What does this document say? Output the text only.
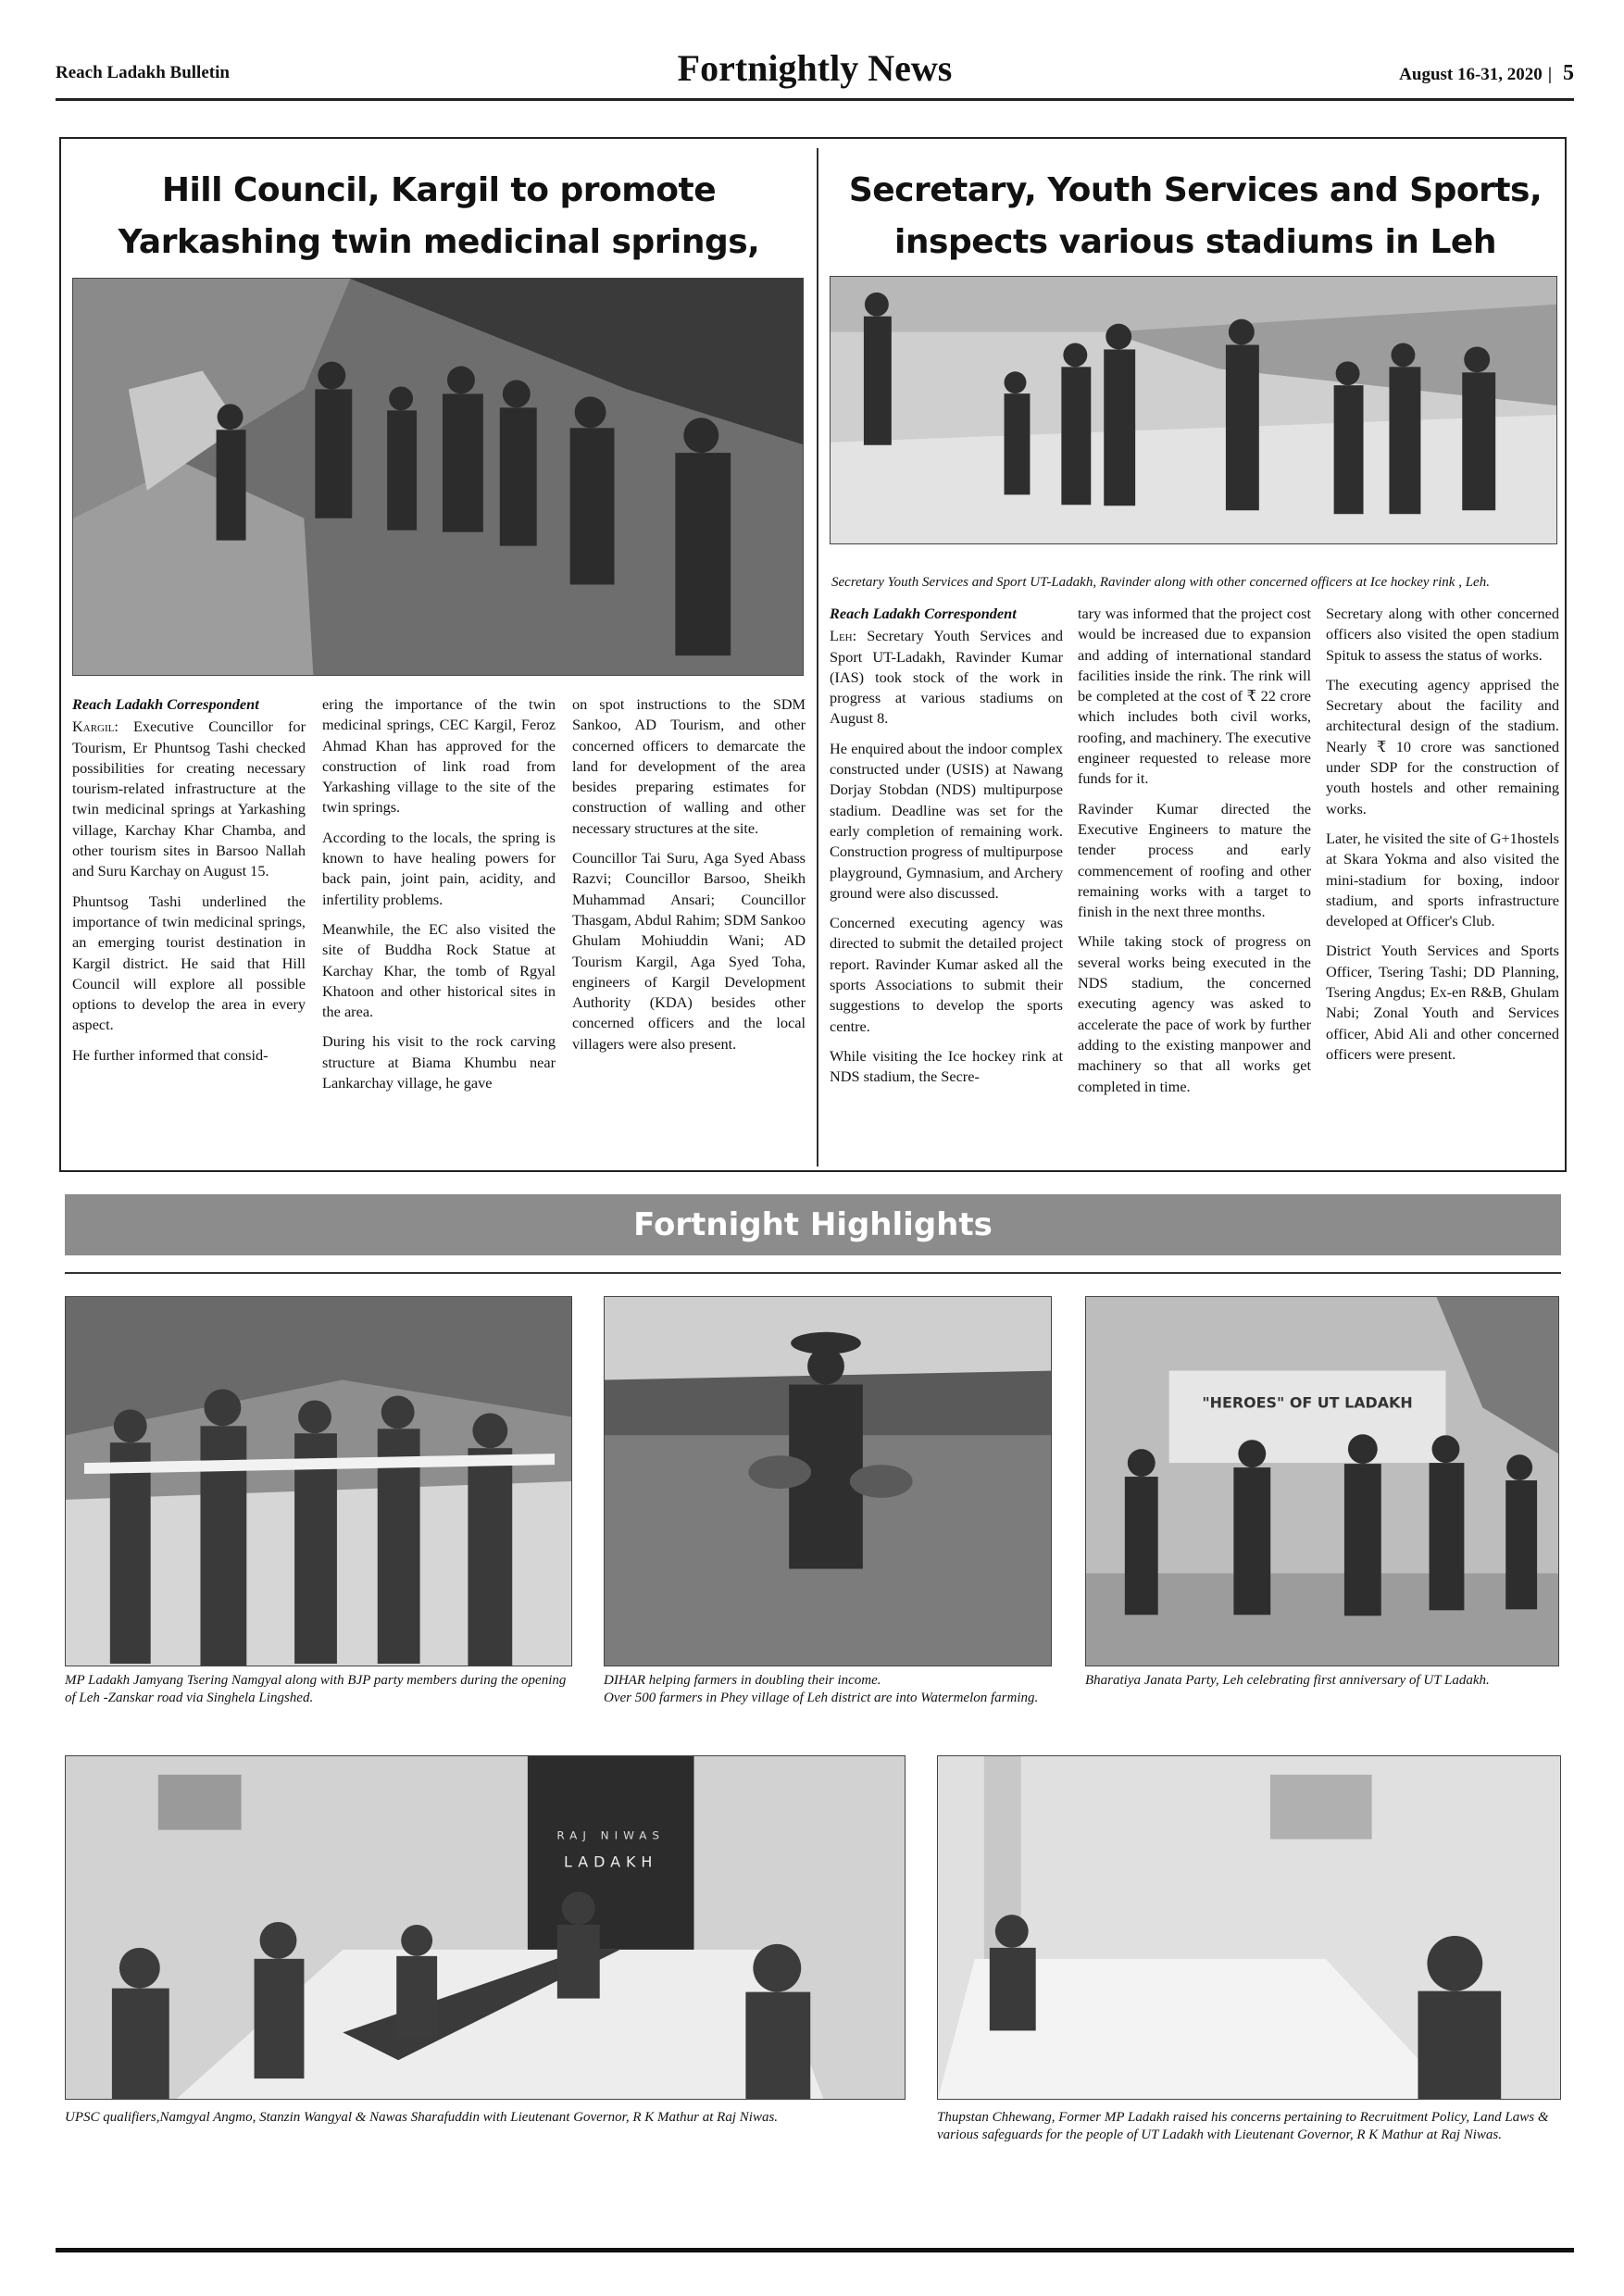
Reach Ladakh Bulletin	Fortnightly News	August 16-31, 2020 | 5
Hill Council, Kargil to promote Yarkashing twin medicinal springs,
Reach Ladakh Correspondent

Kargil: Executive Councillor for Tourism, Er Phuntsog Tashi checked possibilities for creating necessary tourism-related infrastructure at the twin medicinal springs at Yarkashing village, Karchay Khar Chamba, and other tourism sites in Barsoo Nallah and Suru Karchay on August 15.

Phuntsog Tashi underlined the importance of twin medicinal springs, an emerging tourist destination in Kargil district. He said that Hill Council will explore all possible options to develop the area in every aspect.

He further informed that consid-

ering the importance of the twin medicinal springs, CEC Kargil, Feroz Ahmad Khan has approved for the construction of link road from Yarkashing village to the site of the twin springs.

According to the locals, the spring is known to have healing powers for back pain, joint pain, acidity, and infertility problems.

Meanwhile, the EC also visited the site of Buddha Rock Statue at Karchay Khar, the tomb of Rgyal Khatoon and other historical sites in the area.

During his visit to the rock carving structure at Biama Khumbu near Lankarchay village, he gave

on spot instructions to the SDM Sankoo, AD Tourism, and other concerned officers to demarcate the land for development of the area besides preparing estimates for construction of walling and other necessary structures at the site.

Councillor Tai Suru, Aga Syed Abass Razvi; Councillor Barsoo, Sheikh Muhammad Ansari; Councillor Thasgam, Abdul Rahim; SDM Sankoo Ghulam Mohiuddin Wani; AD Tourism Kargil, Aga Syed Toha, engineers of Kargil Development Authority (KDA) besides other concerned officers and the local villagers were also present.

Secretary, Youth Services and Sports, inspects various stadiums in Leh
Secretary Youth Services and Sport UT-Ladakh, Ravinder along with other concerned officers at Ice hockey rink , Leh.
Reach Ladakh Correspondent

Leh: Secretary Youth Services and Sport UT-Ladakh, Ravinder Kumar (IAS) took stock of the work in progress at various stadiums on August 8.

He enquired about the indoor complex constructed under (USIS) at Nawang Dorjay Stobdan (NDS) multipurpose stadium. Deadline was set for the early completion of remaining work. Construction progress of multipurpose playground, Gymnasium, and Archery ground were also discussed.

Concerned executing agency was directed to submit the detailed project report. Ravinder Kumar asked all the sports Associations to submit their suggestions to develop the sports centre.

While visiting the Ice hockey rink at NDS stadium, the Secre-

tary was informed that the project cost would be increased due to expansion and adding of international standard facilities inside the rink. The rink will be completed at the cost of ₹ 22 crore which includes both civil works, roofing, and machinery. The executive engineer requested to release more funds for it.

Ravinder Kumar directed the Executive Engineers to mature the tender process and early commencement of roofing and other remaining works with a target to finish in the next three months.

While taking stock of progress on several works being executed in the NDS stadium, the concerned executing agency was asked to accelerate the pace of work by further adding to the existing manpower and machinery so that all works get completed in time.

Secretary along with other concerned officers also visited the open stadium Spituk to assess the status of works.

The executing agency apprised the Secretary about the facility and architectural design of the stadium. Nearly ₹ 10 crore was sanctioned under SDP for the construction of youth hostels and other remaining works.

Later, he visited the site of G+1hostels at Skara Yokma and also visited the mini-stadium for boxing, indoor stadium, and sports infrastructure developed at Officer's Club.

District Youth Services and Sports Officer, Tsering Tashi; DD Planning, Tsering Angdus; Ex-en R&B, Ghulam Nabi; Zonal Youth and Services officer, Abid Ali and other concerned officers were present.

Fortnight Highlights
"HEROES" OF UT LADAKH
MP Ladakh Jamyang Tsering Namgyal along with BJP party members during the opening of Leh -Zanskar road via Singhela Lingshed.
DIHAR helping farmers in doubling their income.
Over 500 farmers in Phey village of Leh district are into Watermelon farming.
Bharatiya Janata Party, Leh celebrating first anniversary of UT Ladakh.
RAJ NIWAS
LADAKH
UPSC qualifiers,Namgyal Angmo, Stanzin Wangyal & Nawas Sharafuddin with Lieutenant Governor, R K Mathur at Raj Niwas.	Thupstan Chhewang, Former MP Ladakh raised his concerns pertaining to Recruitment Policy, Land Laws & various safeguards for the people of UT Ladakh with Lieutenant Governor, R K Mathur at Raj Niwas.
